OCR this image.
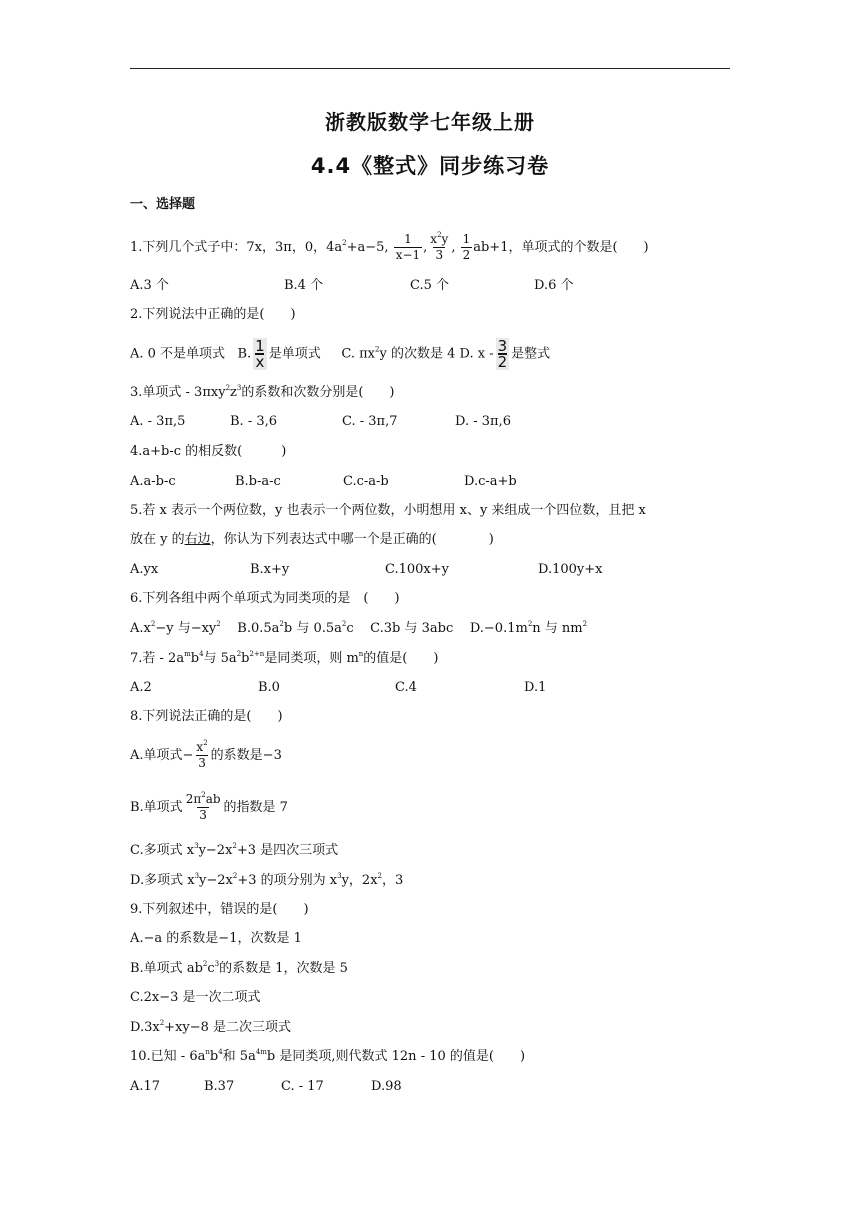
浙教版数学七年级上册
4.4《整式》同步练习卷
一、选择题
1.下列几个式子中：7x，3π，0，$4a^2+a-5$, $\frac{1}{x-1}$ , $\frac{x^2y}{3}$ , $\frac{1}{2} ab+1$，单项式的个数是(　　)
A.3 个	B.4 个	C.5 个	D.6 个
2.下列说法中正确的是(　　)
A. 0 不是单项式 B. $\frac{1}{x}$ 是单项式 C. $\pi x^2y$ 的次数是 4 D. x - $\frac{3}{2}$ 是整式
3.单项式 - $3\pi xy^2z^3$的系数和次数分别是(　　)
A. - 3π,5	B. - 3,6	C. - 3π,7	D. - 3π,6
4.a+b-c 的相反数(　　　)
A.a-b-c	B.b-a-c	C.c-a-b	D.c-a+b
5.若 x 表示一个两位数，y 也表示一个两位数，小明想用 x、y 来组成一个四位数，且把 x
放在 y 的右边，你认为下列表达式中哪一个是正确的(　　　　)
A.yx	B.x+y	C.100x+y	D.100y+x
6.下列各组中两个单项式为同类项的是　(　　)
$A.x^2-y$ 与$-xy^2$ $B.0.5a^2b$ 与 $0.5a^2c$ C.3b 与 3abc $D.-0.1m^2n$ 与 $nm^2$
7.若 - $2a^mb^4$与 $5a^2b^{2+n}$是同类项，则 $m^n$的值是(　　)
A.2	B.0	C.4	D.1
8.下列说法正确的是(　　)
A.单项式− $\frac{x^2}{3}$ 的系数是−3
B.单项式 $\frac{2\pi^2ab}{3}$ 的指数是 7
C.多项式 $x^3y-2x^2+3$ 是四次三项式
D.多项式 $x^3y-2x^2+3$ 的项分别为 $x^3y$，$2x^2$，3
9.下列叙述中，错误的是(　　)
A.−a 的系数是−1，次数是 1
B.单项式 $ab^2c^3$的系数是 1，次数是 5
C.2x−3 是一次二项式
$D.3x^2+xy-8$ 是二次三项式
10.已知 - $6a^nb^4$和 $5a^{4m}b$ 是同类项,则代数式 12n - 10 的值是(　　)
A.17	B.37	C. - 17	D.98
